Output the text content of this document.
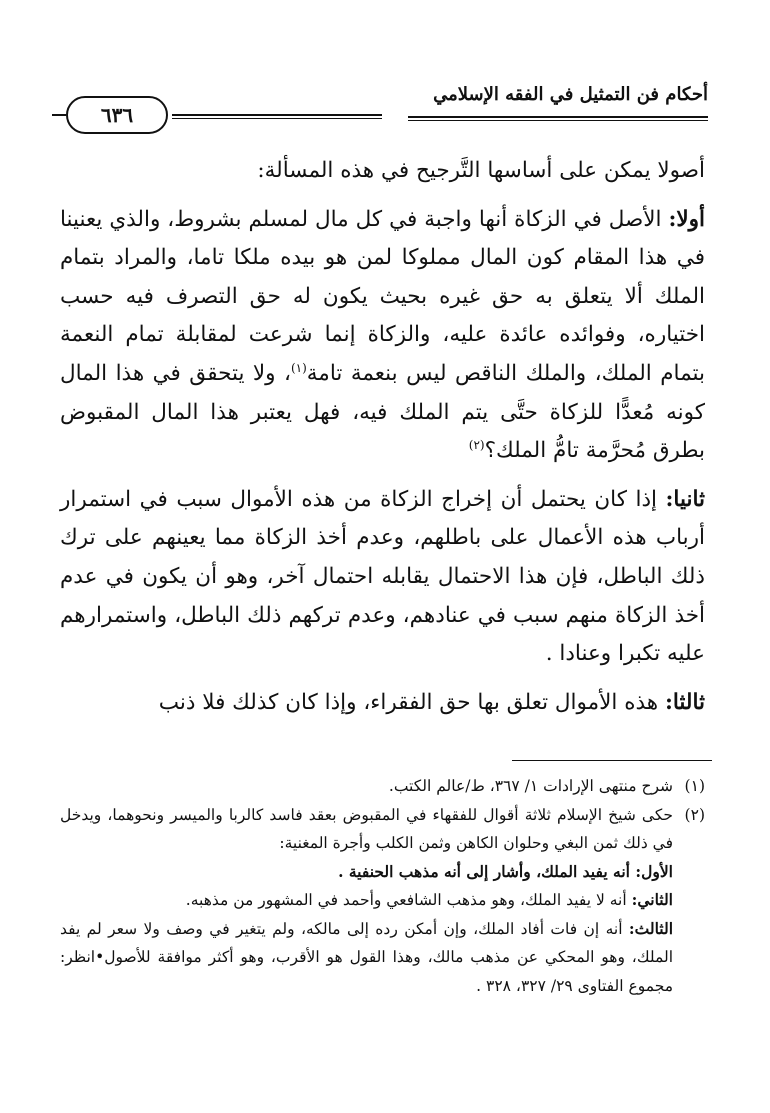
أحكام فن التمثيل في الفقه الإسلامي
٦٣٦

أصولا يمكن على أساسها التَّرجيح في هذه المسألة:

أولا: الأصل في الزكاة أنها واجبة في كل مال لمسلم بشروط، والذي يعنينا في هذا المقام كون المال مملوكا لمن هو بيده ملكا تاما، والمراد بتمام الملك ألا يتعلق به حق غيره بحيث يكون له حق التصرف فيه حسب اختياره، وفوائده عائدة عليه، والزكاة إنما شرعت لمقابلة تمام النعمة بتمام الملك، والملك الناقص ليس بنعمة تامة$^{(١)}$، ولا يتحقق في هذا المال كونه مُعدًّا للزكاة حتَّى يتم الملك فيه، فهل يعتبر هذا المال المقبوض بطرق مُحرَّمة تامُّ الملك؟$^{(٢)}$

ثانيا: إذا كان يحتمل أن إخراج الزكاة من هذه الأموال سبب في استمرار أرباب هذه الأعمال على باطلهم، وعدم أخذ الزكاة مما يعينهم على ترك ذلك الباطل، فإن هذا الاحتمال يقابله احتمال آخر، وهو أن يكون في عدم أخذ الزكاة منهم سبب في عنادهم، وعدم تركهم ذلك الباطل، واستمرارهم عليه تكبرا وعنادا .

ثالثا: هذه الأموال تعلق بها حق الفقراء، وإذا كان كذلك فلا ذنب

(١)
شرح منتهى الإرادات ١/ ٣٦٧، ط/عالم الكتب.
(٢)
حكى شيخ الإسلام ثلاثة أقوال للفقهاء في المقبوض بعقد فاسد كالربا والميسر ونحوهما، ويدخل في ذلك ثمن البغي وحلوان الكاهن وثمن الكلب وأجرة المغنية:
الأول: أنه يفيد الملك، وأشار إلى أنه مذهب الحنفية .
الثاني: أنه لا يفيد الملك، وهو مذهب الشافعي وأحمد في المشهور من مذهبه.
الثالث: أنه إن فات أفاد الملك، وإن أمكن رده إلى مالكه، ولم يتغير في وصف ولا سعر لم يفد الملك، وهو المحكي عن مذهب مالك، وهذا القول هو الأقرب، وهو أكثر موافقة للأصول•انظر: مجموع الفتاوى ٢٩/ ٣٢٧، ٣٢٨ .
